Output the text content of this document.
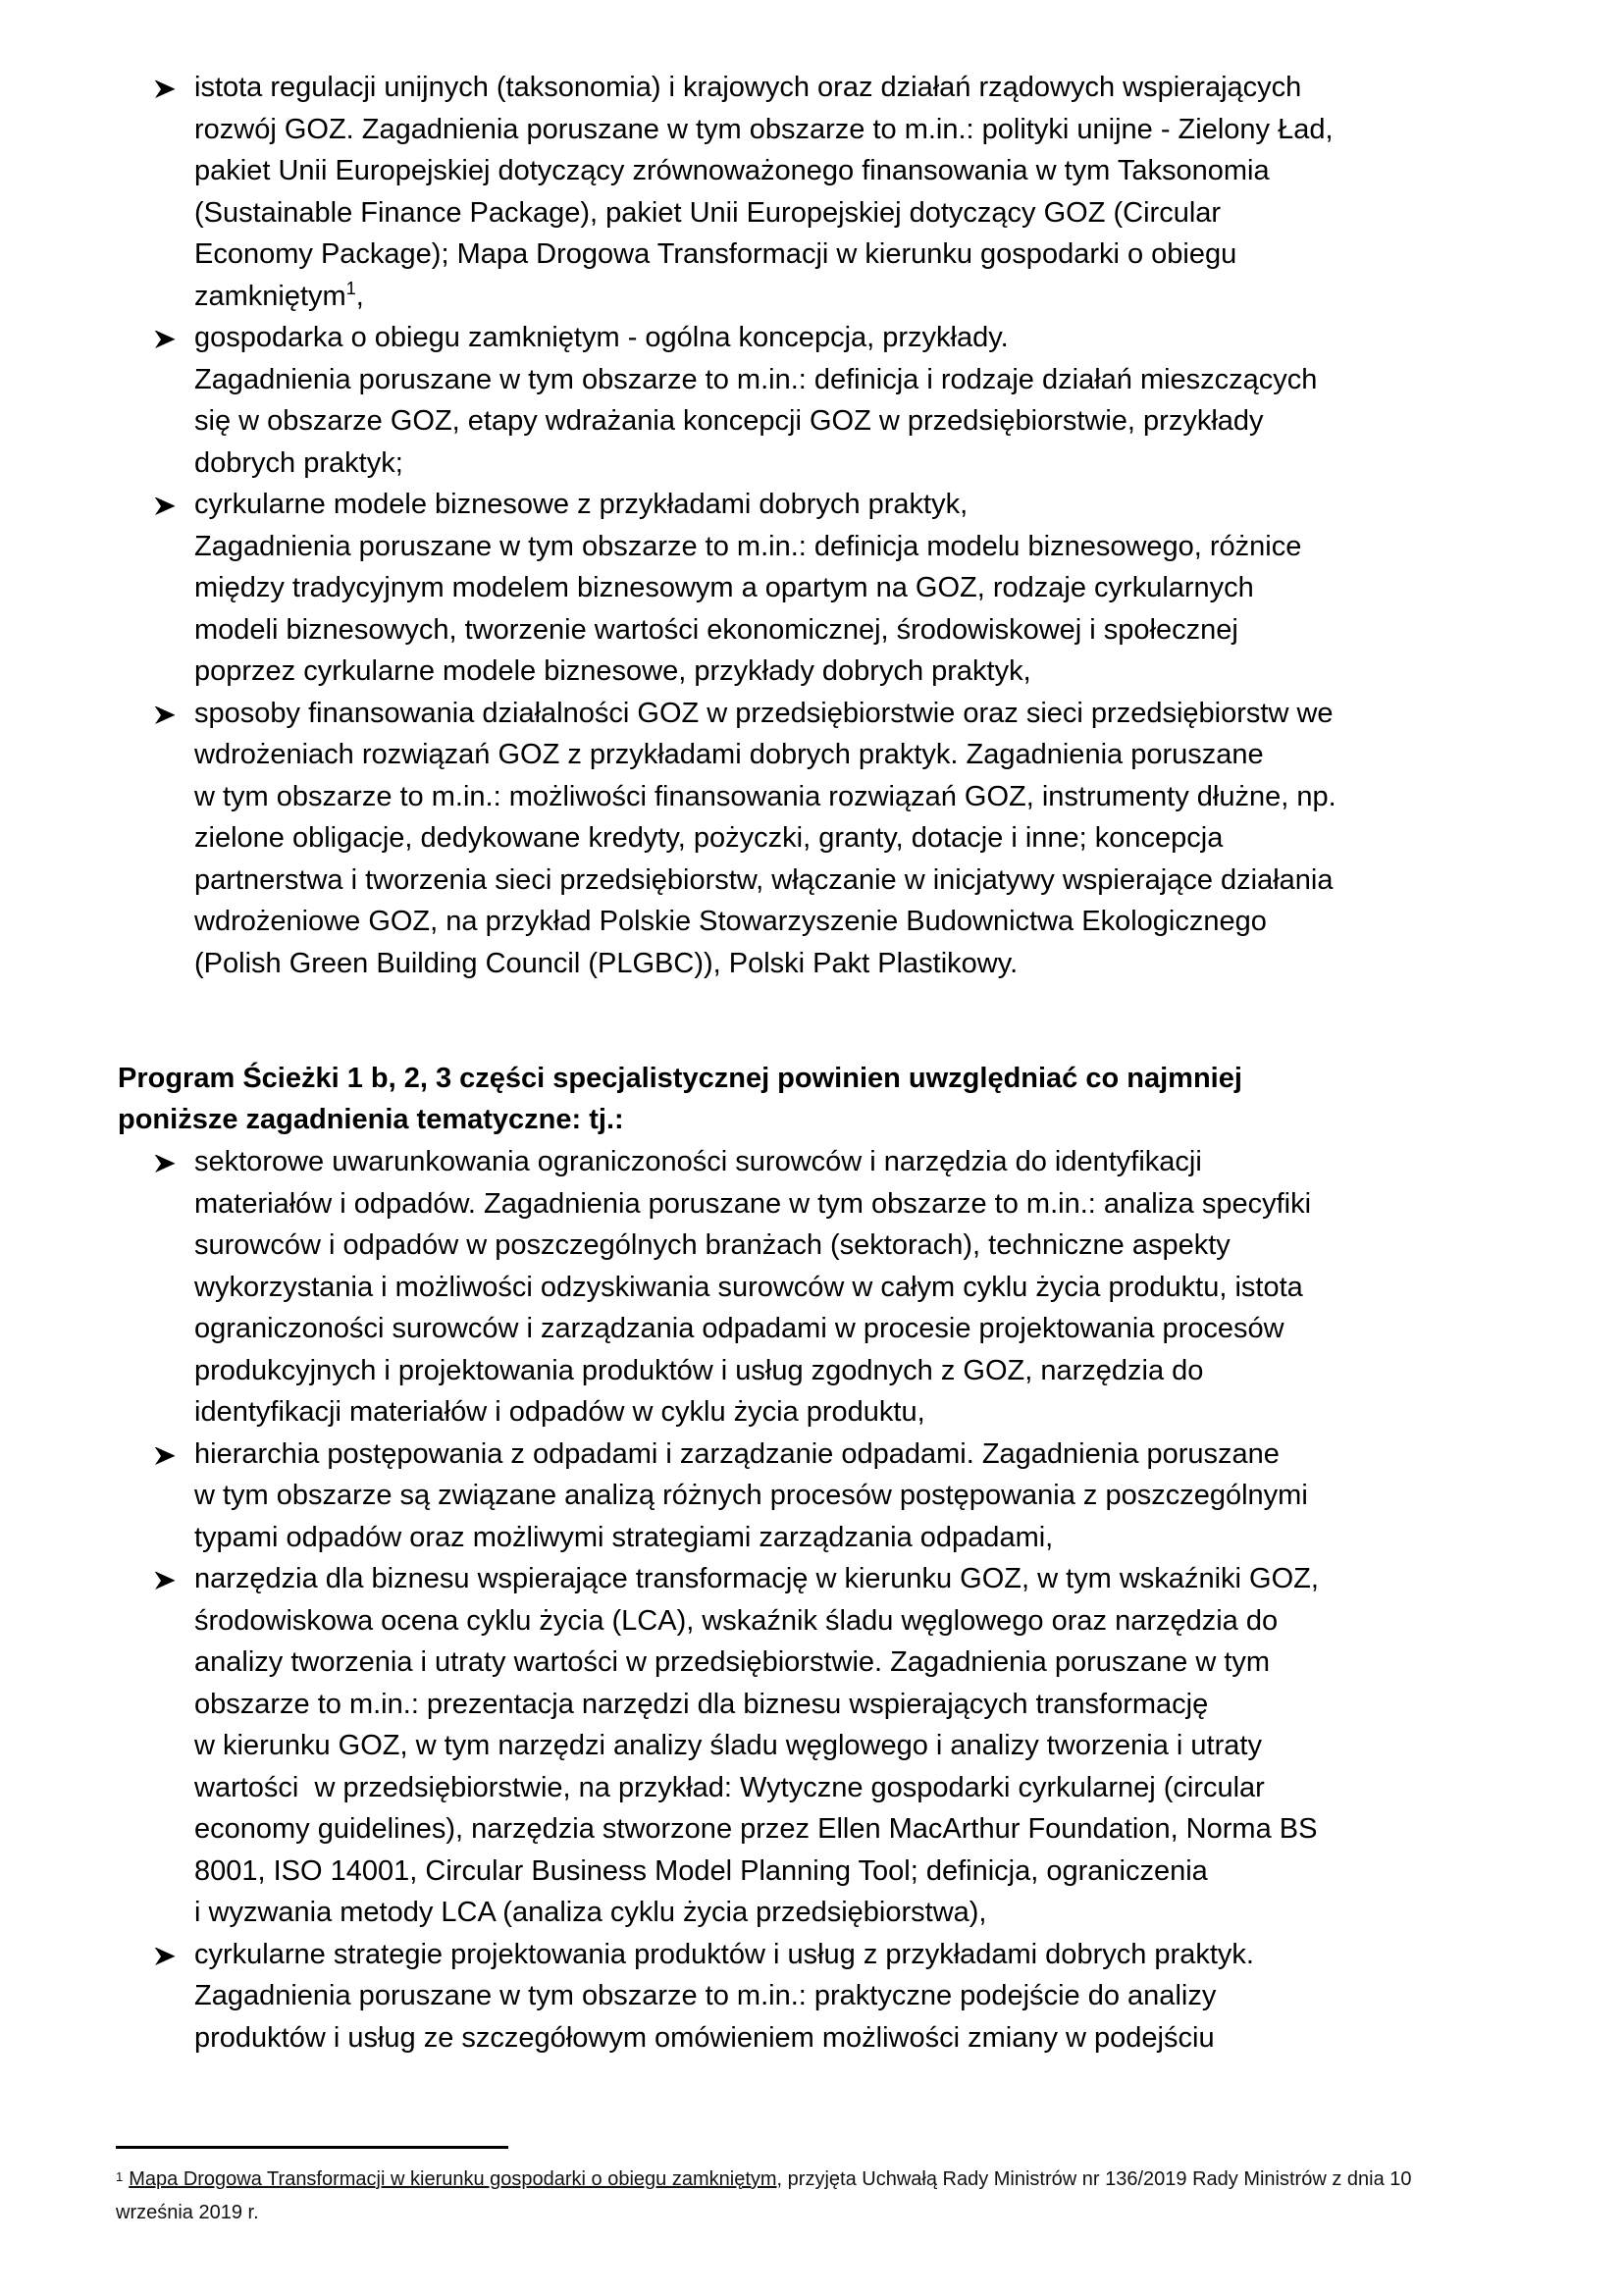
istota regulacji unijnych (taksonomia) i krajowych oraz działań rządowych wspierających
rozwój GOZ. Zagadnienia poruszane w tym obszarze to m.in.: polityki unijne - Zielony Ład,
pakiet Unii Europejskiej dotyczący zrównoważonego finansowania w tym Taksonomia
(Sustainable Finance Package), pakiet Unii Europejskiej dotyczący GOZ (Circular
Economy Package); Mapa Drogowa Transformacji w kierunku gospodarki o obiegu
zamkniętym$^1$,
gospodarka o obiegu zamkniętym - ogólna koncepcja, przykłady.
Zagadnienia poruszane w tym obszarze to m.in.: definicja i rodzaje działań mieszczących
się w obszarze GOZ, etapy wdrażania koncepcji GOZ w przedsiębiorstwie, przykłady
dobrych praktyk;
cyrkularne modele biznesowe z przykładami dobrych praktyk,
Zagadnienia poruszane w tym obszarze to m.in.: definicja modelu biznesowego, różnice
między tradycyjnym modelem biznesowym a opartym na GOZ, rodzaje cyrkularnych
modeli biznesowych, tworzenie wartości ekonomicznej, środowiskowej i społecznej
poprzez cyrkularne modele biznesowe, przykłady dobrych praktyk,
sposoby finansowania działalności GOZ w przedsiębiorstwie oraz sieci przedsiębiorstw we
wdrożeniach rozwiązań GOZ z przykładami dobrych praktyk. Zagadnienia poruszane
w tym obszarze to m.in.: możliwości finansowania rozwiązań GOZ, instrumenty dłużne, np.
zielone obligacje, dedykowane kredyty, pożyczki, granty, dotacje i inne; koncepcja
partnerstwa i tworzenia sieci przedsiębiorstw, włączanie w inicjatywy wspierające działania
wdrożeniowe GOZ, na przykład Polskie Stowarzyszenie Budownictwa Ekologicznego
(Polish Green Building Council (PLGBC)), Polski Pakt Plastikowy.
Program Ścieżki 1 b, 2, 3 części specjalistycznej powinien uwzględniać co najmniej
poniższe zagadnienia tematyczne: tj.:
sektorowe uwarunkowania ograniczoności surowców i narzędzia do identyfikacji
materiałów i odpadów. Zagadnienia poruszane w tym obszarze to m.in.: analiza specyfiki
surowców i odpadów w poszczególnych branżach (sektorach), techniczne aspekty
wykorzystania i możliwości odzyskiwania surowców w całym cyklu życia produktu, istota
ograniczoności surowców i zarządzania odpadami w procesie projektowania procesów
produkcyjnych i projektowania produktów i usług zgodnych z GOZ, narzędzia do
identyfikacji materiałów i odpadów w cyklu życia produktu,
hierarchia postępowania z odpadami i zarządzanie odpadami. Zagadnienia poruszane
w tym obszarze są związane analizą różnych procesów postępowania z poszczególnymi
typami odpadów oraz możliwymi strategiami zarządzania odpadami,
narzędzia dla biznesu wspierające transformację w kierunku GOZ, w tym wskaźniki GOZ,
środowiskowa ocena cyklu życia (LCA), wskaźnik śladu węglowego oraz narzędzia do
analizy tworzenia i utraty wartości w przedsiębiorstwie. Zagadnienia poruszane w tym
obszarze to m.in.: prezentacja narzędzi dla biznesu wspierających transformację
w kierunku GOZ, w tym narzędzi analizy śladu węglowego i analizy tworzenia i utraty
wartości  w przedsiębiorstwie, na przykład: Wytyczne gospodarki cyrkularnej (circular
economy guidelines), narzędzia stworzone przez Ellen MacArthur Foundation, Norma BS
8001, ISO 14001, Circular Business Model Planning Tool; definicja, ograniczenia
i wyzwania metody LCA (analiza cyklu życia przedsiębiorstwa),
cyrkularne strategie projektowania produktów i usług z przykładami dobrych praktyk.
Zagadnienia poruszane w tym obszarze to m.in.: praktyczne podejście do analizy
produktów i usług ze szczegółowym omówieniem możliwości zmiany w podejściu
$^1$ Mapa Drogowa Transformacji w kierunku gospodarki o obiegu zamkniętym, przyjęta Uchwałą Rady Ministrów nr 136/2019 Rady Ministrów z dnia 10
września 2019 r.
